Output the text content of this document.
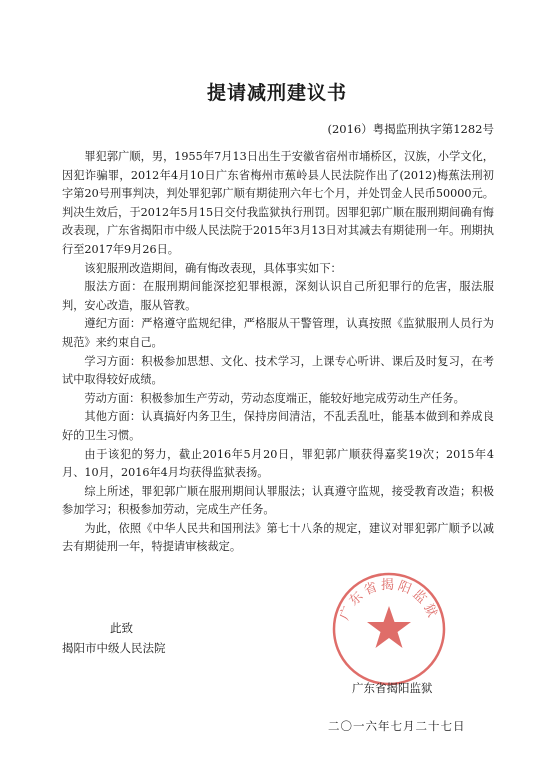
提请减刑建议书
(2016）粤揭监刑执字第1282号

罪犯郭广顺，男，1955年7月13日出生于安徽省宿州市埇桥区，汉族，小学文化，因犯诈骗罪，2012年4月10日广东省梅州市蕉岭县人民法院作出了(2012)梅蕉法刑初字第20号刑事判决，判处罪犯郭广顺有期徒刑六年七个月，并处罚金人民币50000元。判决生效后，于2012年5月15日交付我监狱执行刑罚。因罪犯郭广顺在服刑期间确有悔改表现，广东省揭阳市中级人民法院于2015年3月13日对其减去有期徒刑一年。刑期执行至2017年9月26日。

该犯服刑改造期间，确有悔改表现，具体事实如下：

服法方面：在服刑期间能深挖犯罪根源，深刻认识自己所犯罪行的危害，服法服判，安心改造，服从管教。

遵纪方面：严格遵守监规纪律，严格服从干警管理，认真按照《监狱服刑人员行为规范》来约束自己。

学习方面：积极参加思想、文化、技术学习，上课专心听讲、课后及时复习，在考试中取得较好成绩。

劳动方面：积极参加生产劳动，劳动态度端正，能较好地完成劳动生产任务。

其他方面：认真搞好内务卫生，保持房间清洁，不乱丢乱吐，能基本做到和养成良好的卫生习惯。

由于该犯的努力，截止2016年5月20日，罪犯郭广顺获得嘉奖19次；2015年4月、10月，2016年4月均获得监狱表扬。

综上所述，罪犯郭广顺在服刑期间认罪服法；认真遵守监规，接受教育改造；积极参加学习；积极参加劳动，完成生产任务。

为此，依照《中华人民共和国刑法》第七十八条的规定，建议对罪犯郭广顺予以减去有期徒刑一年，特提请审核裁定。

此致
揭阳市中级人民法院
广东省揭阳监狱
广东省揭阳监狱
二〇一六年七月二十七日
